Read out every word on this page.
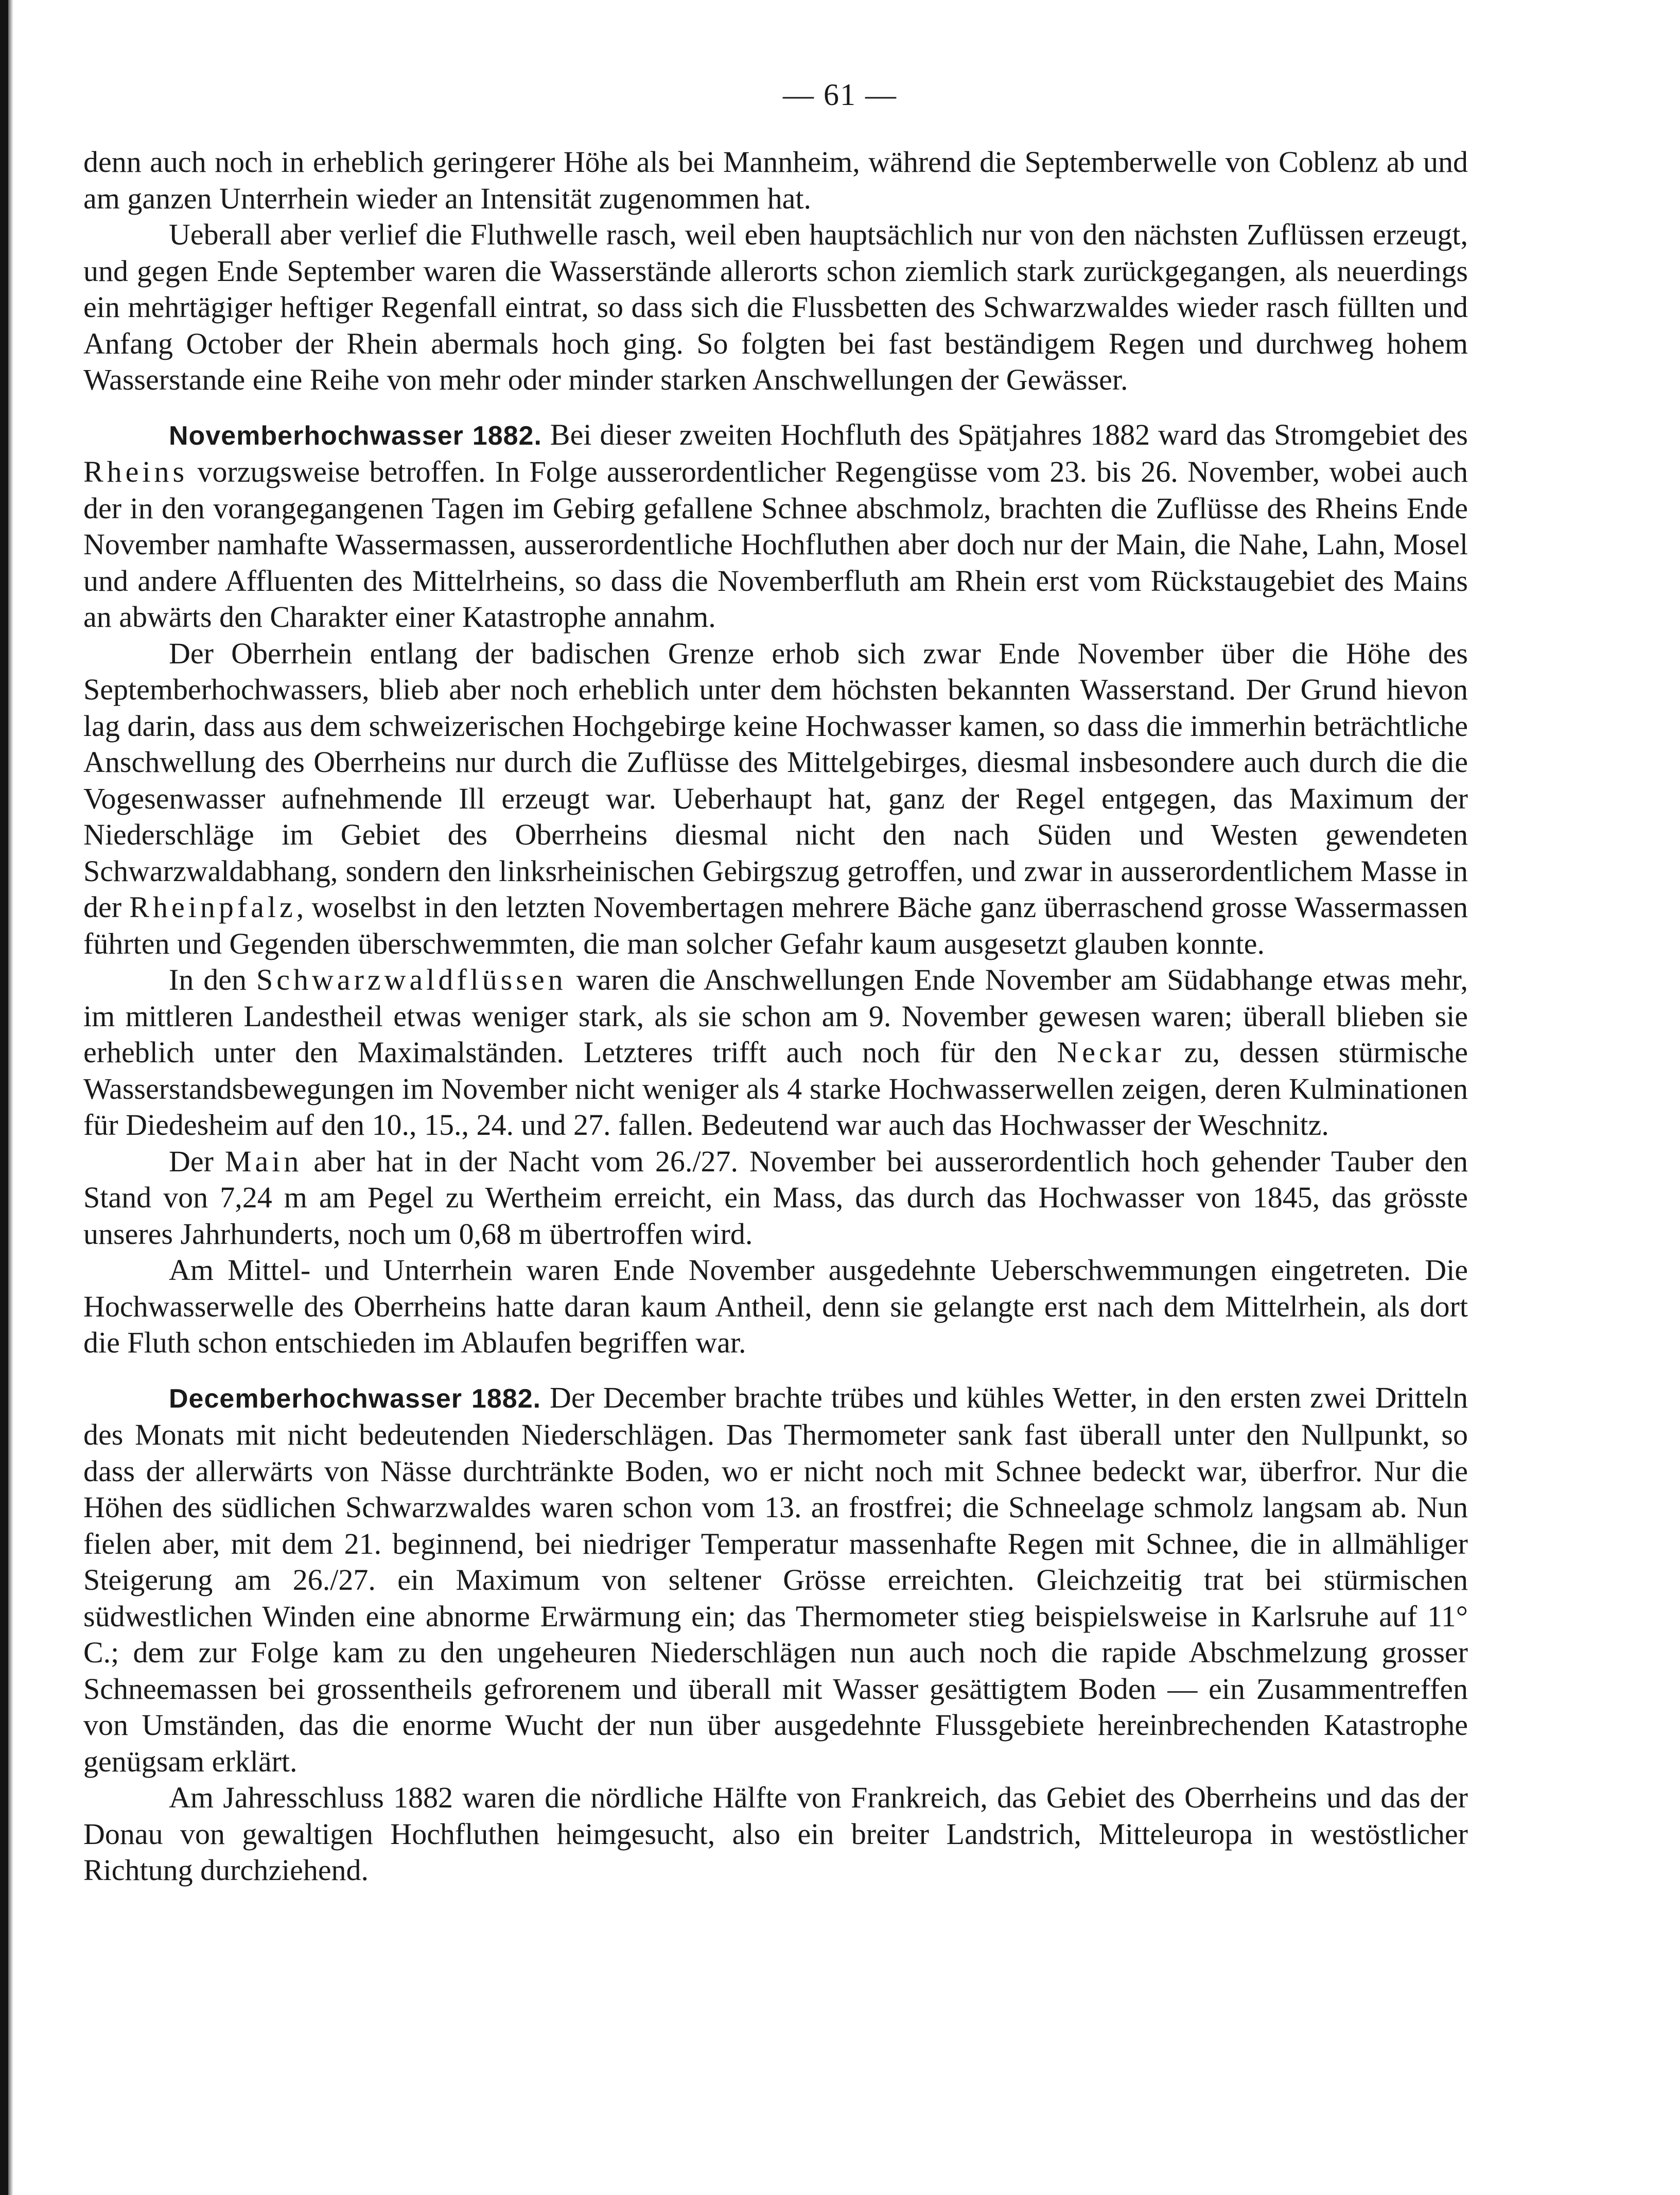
— 61 —

denn auch noch in erheblich geringerer Höhe als bei Mannheim, während die Septemberwelle von Coblenz ab und am ganzen Unterrhein wieder an Intensität zugenommen hat.

Ueberall aber verlief die Fluthwelle rasch, weil eben hauptsächlich nur von den nächsten Zuflüssen erzeugt, und gegen Ende September waren die Wasserstände allerorts schon ziemlich stark zurückgegangen, als neuerdings ein mehrtägiger heftiger Regenfall eintrat, so dass sich die Flussbetten des Schwarzwaldes wieder rasch füllten und Anfang October der Rhein abermals hoch ging. So folgten bei fast beständigem Regen und durchweg hohem Wasserstande eine Reihe von mehr oder minder starken Anschwellungen der Gewässer.

Novemberhochwasser 1882. Bei dieser zweiten Hochfluth des Spätjahres 1882 ward das Stromgebiet des Rheins vorzugsweise betroffen. In Folge ausserordentlicher Regengüsse vom 23. bis 26. November, wobei auch der in den vorangegangenen Tagen im Gebirg gefallene Schnee abschmolz, brachten die Zuflüsse des Rheins Ende November namhafte Wassermassen, ausserordentliche Hochfluthen aber doch nur der Main, die Nahe, Lahn, Mosel und andere Affluenten des Mittelrheins, so dass die Novemberfluth am Rhein erst vom Rückstaugebiet des Mains an abwärts den Charakter einer Katastrophe annahm.

Der Oberrhein entlang der badischen Grenze erhob sich zwar Ende November über die Höhe des Septemberhochwassers, blieb aber noch erheblich unter dem höchsten bekannten Wasserstand. Der Grund hievon lag darin, dass aus dem schweizerischen Hochgebirge keine Hochwasser kamen, so dass die immerhin beträchtliche Anschwellung des Oberrheins nur durch die Zuflüsse des Mittelgebirges, diesmal insbesondere auch durch die die Vogesenwasser aufnehmende Ill erzeugt war. Ueberhaupt hat, ganz der Regel entgegen, das Maximum der Niederschläge im Gebiet des Oberrheins diesmal nicht den nach Süden und Westen gewendeten Schwarzwaldabhang, sondern den linksrheinischen Gebirgszug getroffen, und zwar in ausserordentlichem Masse in der Rheinpfalz, woselbst in den letzten Novembertagen mehrere Bäche ganz überraschend grosse Wassermassen führten und Gegenden überschwemmten, die man solcher Gefahr kaum ausgesetzt glauben konnte.

In den Schwarzwaldflüssen waren die Anschwellungen Ende November am Südabhange etwas mehr, im mittleren Landestheil etwas weniger stark, als sie schon am 9. November gewesen waren; überall blieben sie erheblich unter den Maximalständen. Letzteres trifft auch noch für den Neckar zu, dessen stürmische Wasserstandsbewegungen im November nicht weniger als 4 starke Hochwasserwellen zeigen, deren Kulminationen für Diedesheim auf den 10., 15., 24. und 27. fallen. Bedeutend war auch das Hochwasser der Weschnitz.

Der Main aber hat in der Nacht vom 26./27. November bei ausserordentlich hoch gehender Tauber den Stand von 7,24 m am Pegel zu Wertheim erreicht, ein Mass, das durch das Hochwasser von 1845, das grösste unseres Jahrhunderts, noch um 0,68 m übertroffen wird.

Am Mittel- und Unterrhein waren Ende November ausgedehnte Ueberschwemmungen eingetreten. Die Hochwasserwelle des Oberrheins hatte daran kaum Antheil, denn sie gelangte erst nach dem Mittelrhein, als dort die Fluth schon entschieden im Ablaufen begriffen war.

Decemberhochwasser 1882. Der December brachte trübes und kühles Wetter, in den ersten zwei Dritteln des Monats mit nicht bedeutenden Niederschlägen. Das Thermometer sank fast überall unter den Nullpunkt, so dass der allerwärts von Nässe durchtränkte Boden, wo er nicht noch mit Schnee bedeckt war, überfror. Nur die Höhen des südlichen Schwarzwaldes waren schon vom 13. an frostfrei; die Schneelage schmolz langsam ab. Nun fielen aber, mit dem 21. beginnend, bei niedriger Temperatur massenhafte Regen mit Schnee, die in allmähliger Steigerung am 26./27. ein Maximum von seltener Grösse erreichten. Gleichzeitig trat bei stürmischen südwestlichen Winden eine abnorme Erwärmung ein; das Thermometer stieg beispielsweise in Karlsruhe auf 11° C.; dem zur Folge kam zu den ungeheuren Niederschlägen nun auch noch die rapide Abschmelzung grosser Schneemassen bei grossentheils gefrorenem und überall mit Wasser gesättigtem Boden — ein Zusammentreffen von Umständen, das die enorme Wucht der nun über ausgedehnte Flussgebiete hereinbrechenden Katastrophe genügsam erklärt.

Am Jahresschluss 1882 waren die nördliche Hälfte von Frankreich, das Gebiet des Oberrheins und das der Donau von gewaltigen Hochfluthen heimgesucht, also ein breiter Landstrich, Mitteleuropa in westöstlicher Richtung durchziehend.
